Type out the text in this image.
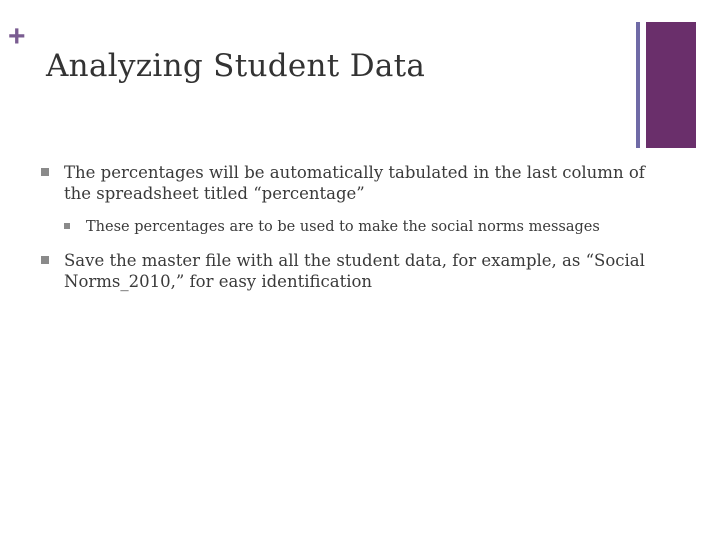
+
Analyzing Student Data
The percentages will be automatically tabulated in the last column of the spreadsheet titled “percentage”
These percentages are to be used to make the social norms messages
Save the master file with all the student data, for example, as “Social Norms_2010,” for easy identification
